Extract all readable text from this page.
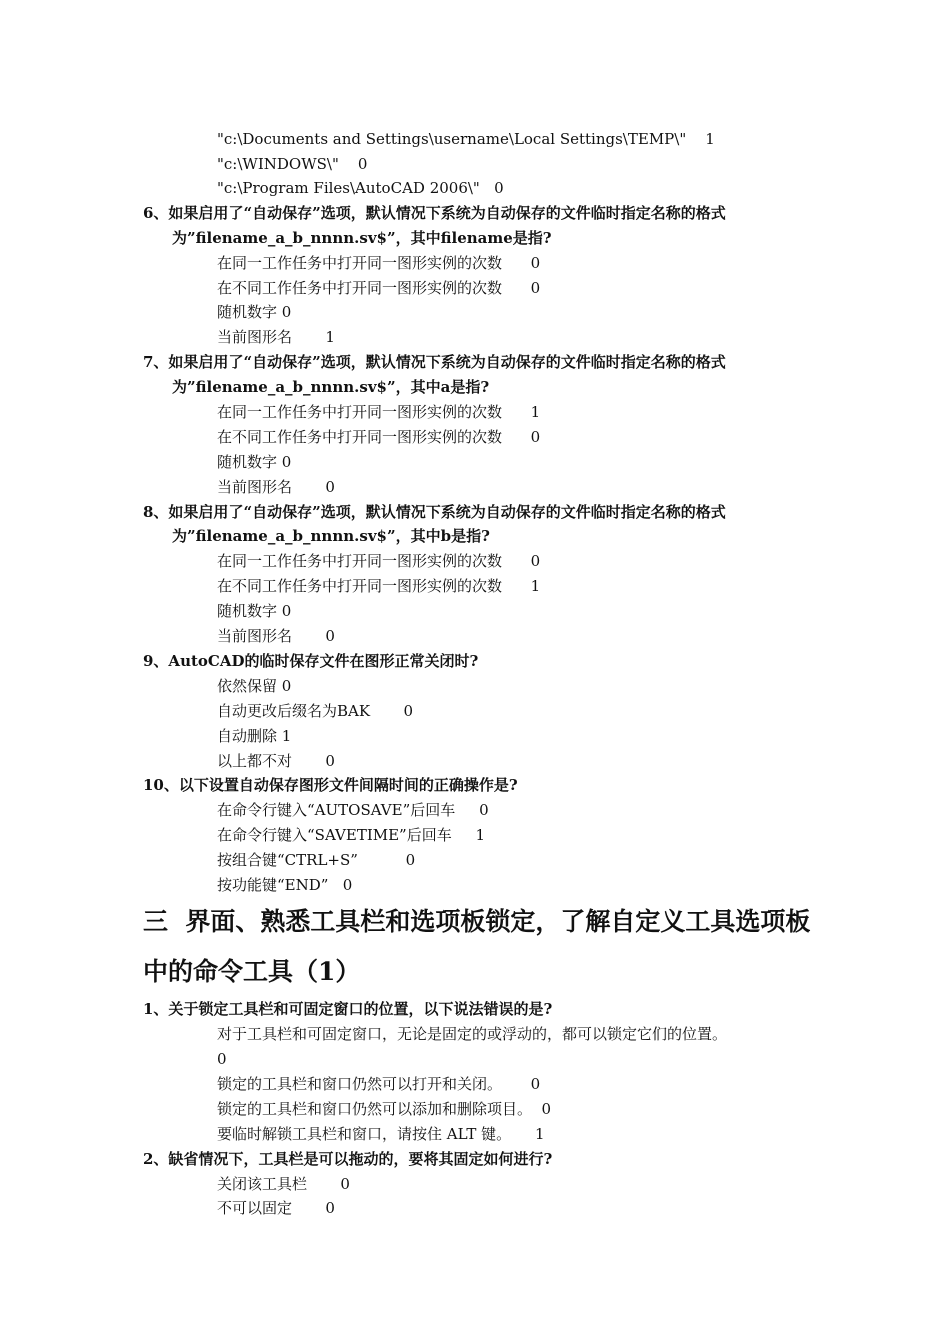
"c:\Documents and Settings\username\Local Settings\TEMP\"    1
"c:\WINDOWS\"    0
"c:\Program Files\AutoCAD 2006\"   0
6、如果启用了“自动保存”选项，默认情况下系统为自动保存的文件临时指定名称的格式
为”filename_a_b_nnnn.sv$”，其中filename是指?
在同一工作任务中打开同一图形实例的次数      0
在不同工作任务中打开同一图形实例的次数      0
随机数字 0
当前图形名       1
7、如果启用了“自动保存”选项，默认情况下系统为自动保存的文件临时指定名称的格式
为”filename_a_b_nnnn.sv$”，其中a是指?
在同一工作任务中打开同一图形实例的次数      1
在不同工作任务中打开同一图形实例的次数      0
随机数字 0
当前图形名       0
8、如果启用了“自动保存”选项，默认情况下系统为自动保存的文件临时指定名称的格式
为”filename_a_b_nnnn.sv$”，其中b是指?
在同一工作任务中打开同一图形实例的次数      0
在不同工作任务中打开同一图形实例的次数      1
随机数字 0
当前图形名       0
9、AutoCAD的临时保存文件在图形正常关闭时?
依然保留 0
自动更改后缀名为BAK       0
自动删除 1
以上都不对       0
10、以下设置自动保存图形文件间隔时间的正确操作是?
在命令行键入“AUTOSAVE”后回车     0
在命令行键入“SAVETIME”后回车     1
按组合键“CTRL+S”          0
按功能键“END”   0
三  界面、熟悉工具栏和选项板锁定，了解自定义工具选项板
中的命令工具（1）
1、关于锁定工具栏和可固定窗口的位置，以下说法错误的是?
对于工具栏和可固定窗口，无论是固定的或浮动的，都可以锁定它们的位置。
0
锁定的工具栏和窗口仍然可以打开和关闭。      0
锁定的工具栏和窗口仍然可以添加和删除项目。  0
要临时解锁工具栏和窗口，请按住 ALT 键。     1
2、缺省情况下，工具栏是可以拖动的，要将其固定如何进行?
关闭该工具栏       0
不可以固定       0
